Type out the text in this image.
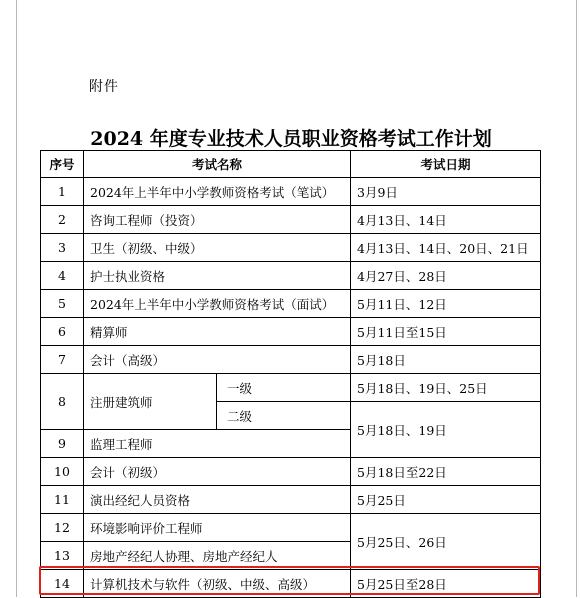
附件
2024 年度专业技术人员职业资格考试工作计划
序号	考试名称		考试日期
1	2024年上半年中小学教师资格考试（笔试）		3月9日
2	咨询工程师（投资）		4月13日、14日
3	卫生（初级、中级）		4月13日、14日、20日、21日
4	护士执业资格		4月27日、28日
5	2024年上半年中小学教师资格考试（面试）		5月11日、12日
6	精算师		5月11日至15日
7	会计（高级）		5月18日
8	注册建筑师	一级	5月18日、19日、25日
		二级	5月18日、19日
9	监理工程师		
10	会计（初级）		5月18日至22日
11	演出经纪人员资格		5月25日
12	环境影响评价工程师		5月25日、26日
13	房地产经纪人协理、房地产经纪人		
14	计算机技术与软件（初级、中级、高级）		5月25日至28日
